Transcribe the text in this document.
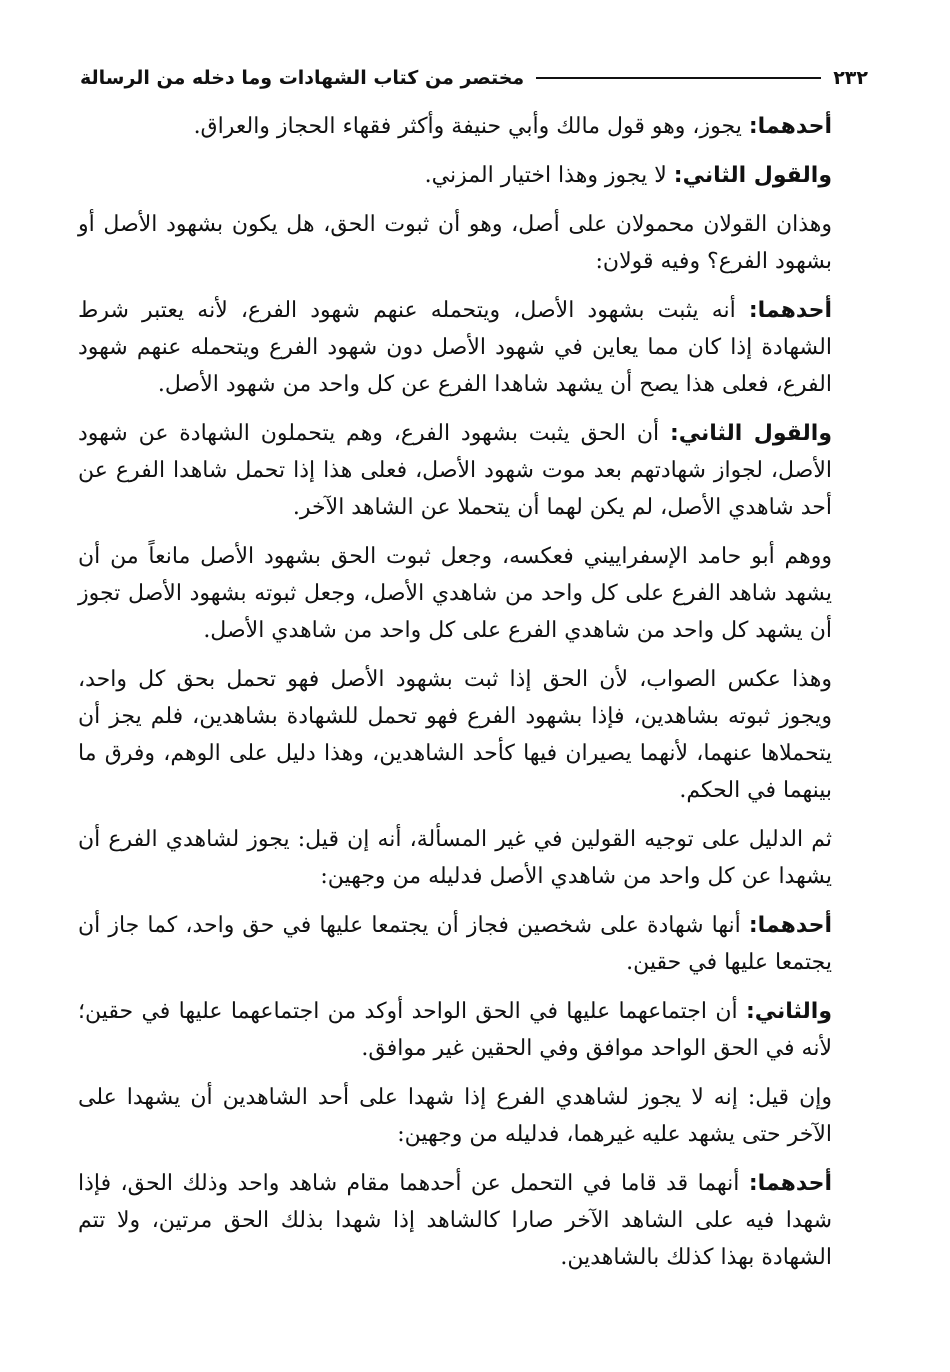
٢٣٢
مختصر من كتاب الشهادات وما دخله من الرسالة

أحدهما: يجوز، وهو قول مالك وأبي حنيفة وأكثر فقهاء الحجاز والعراق.

والقول الثاني: لا يجوز وهذا اختيار المزني.

وهذان القولان محمولان على أصل، وهو أن ثبوت الحق، هل يكون بشهود الأصل أو بشهود الفرع؟ وفيه قولان:

أحدهما: أنه يثبت بشهود الأصل، ويتحمله عنهم شهود الفرع، لأنه يعتبر شرط الشهادة إذا كان مما يعاين في شهود الأصل دون شهود الفرع ويتحمله عنهم شهود الفرع، فعلى هذا يصح أن يشهد شاهدا الفرع عن كل واحد من شهود الأصل.

والقول الثاني: أن الحق يثبت بشهود الفرع، وهم يتحملون الشهادة عن شهود الأصل، لجواز شهادتهم بعد موت شهود الأصل، فعلى هذا إذا تحمل شاهدا الفرع عن أحد شاهدي الأصل، لم يكن لهما أن يتحملا عن الشاهد الآخر.

ووهم أبو حامد الإسفراييني فعكسه، وجعل ثبوت الحق بشهود الأصل مانعاً من أن يشهد شاهد الفرع على كل واحد من شاهدي الأصل، وجعل ثبوته بشهود الأصل تجوز أن يشهد كل واحد من شاهدي الفرع على كل واحد من شاهدي الأصل.

وهذا عكس الصواب، لأن الحق إذا ثبت بشهود الأصل فهو تحمل بحق كل واحد، ويجوز ثبوته بشاهدين، فإذا بشهود الفرع فهو تحمل للشهادة بشاهدين، فلم يجز أن يتحملاها عنهما، لأنهما يصيران فيها كأحد الشاهدين، وهذا دليل على الوهم، وفرق ما بينهما في الحكم.

ثم الدليل على توجيه القولين في غير المسألة، أنه إن قيل: يجوز لشاهدي الفرع أن يشهدا عن كل واحد من شاهدي الأصل فدليله من وجهين:

أحدهما: أنها شهادة على شخصين فجاز أن يجتمعا عليها في حق واحد، كما جاز أن يجتمعا عليها في حقين.

والثاني: أن اجتماعهما عليها في الحق الواحد أوكد من اجتماعهما عليها في حقين؛ لأنه في الحق الواحد موافق وفي الحقين غير موافق.

وإن قيل: إنه لا يجوز لشاهدي الفرع إذا شهدا على أحد الشاهدين أن يشهدا على الآخر حتى يشهد عليه غيرهما، فدليله من وجهين:

أحدهما: أنهما قد قاما في التحمل عن أحدهما مقام شاهد واحد وذلك الحق، فإذا شهدا فيه على الشاهد الآخر صارا كالشاهد إذا شهدا بذلك الحق مرتين، ولا تتم الشهادة بهذا كذلك بالشاهدين.
